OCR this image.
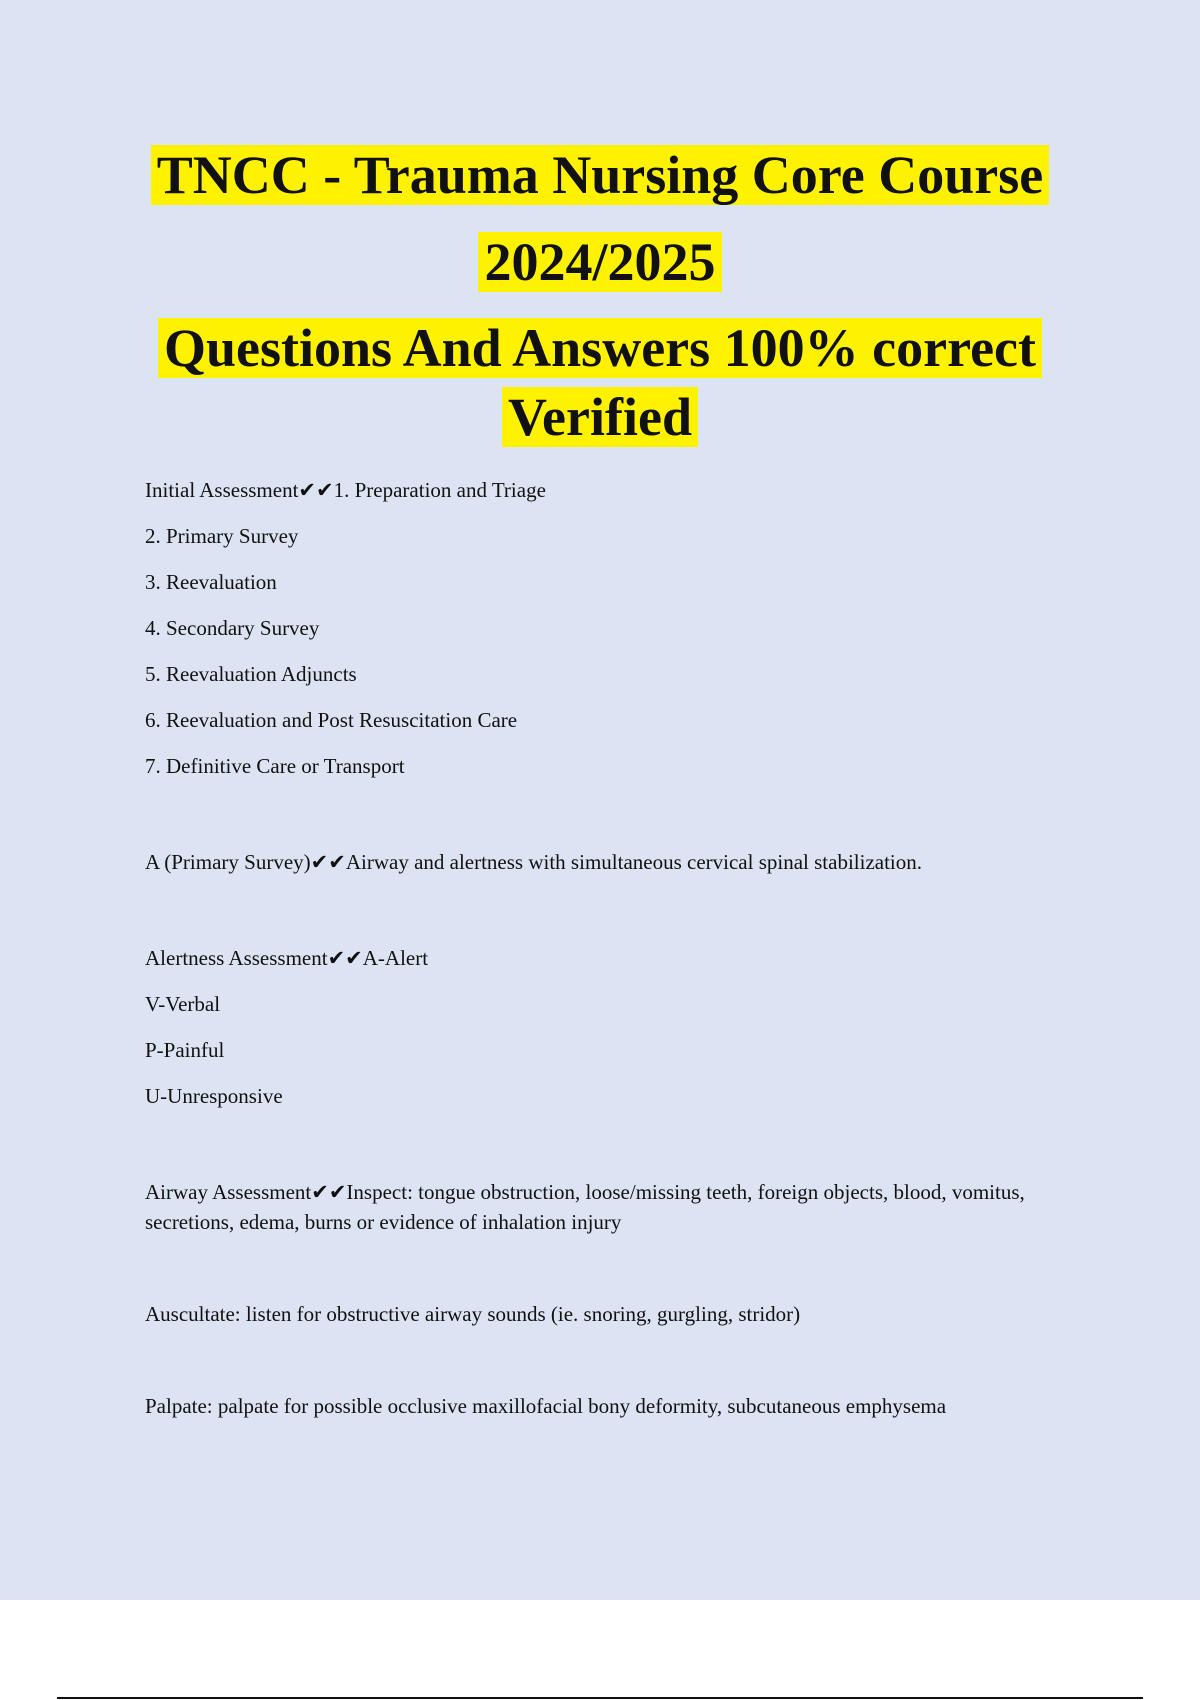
TNCC - Trauma Nursing Core Course

2024/2025

Questions And Answers 100% correct

Verified

Initial Assessment✔✔1. Preparation and Triage

2. Primary Survey

3. Reevaluation

4. Secondary Survey

5. Reevaluation Adjuncts

6. Reevaluation and Post Resuscitation Care

7. Definitive Care or Transport

A (Primary Survey)✔✔Airway and alertness with simultaneous cervical spinal stabilization.

Alertness Assessment✔✔A-Alert

V-Verbal

P-Painful

U-Unresponsive

Airway Assessment✔✔Inspect: tongue obstruction, loose/missing teeth, foreign objects, blood, vomitus, secretions, edema, burns or evidence of inhalation injury

Auscultate: listen for obstructive airway sounds (ie. snoring, gurgling, stridor)

Palpate: palpate for possible occlusive maxillofacial bony deformity, subcutaneous emphysema
